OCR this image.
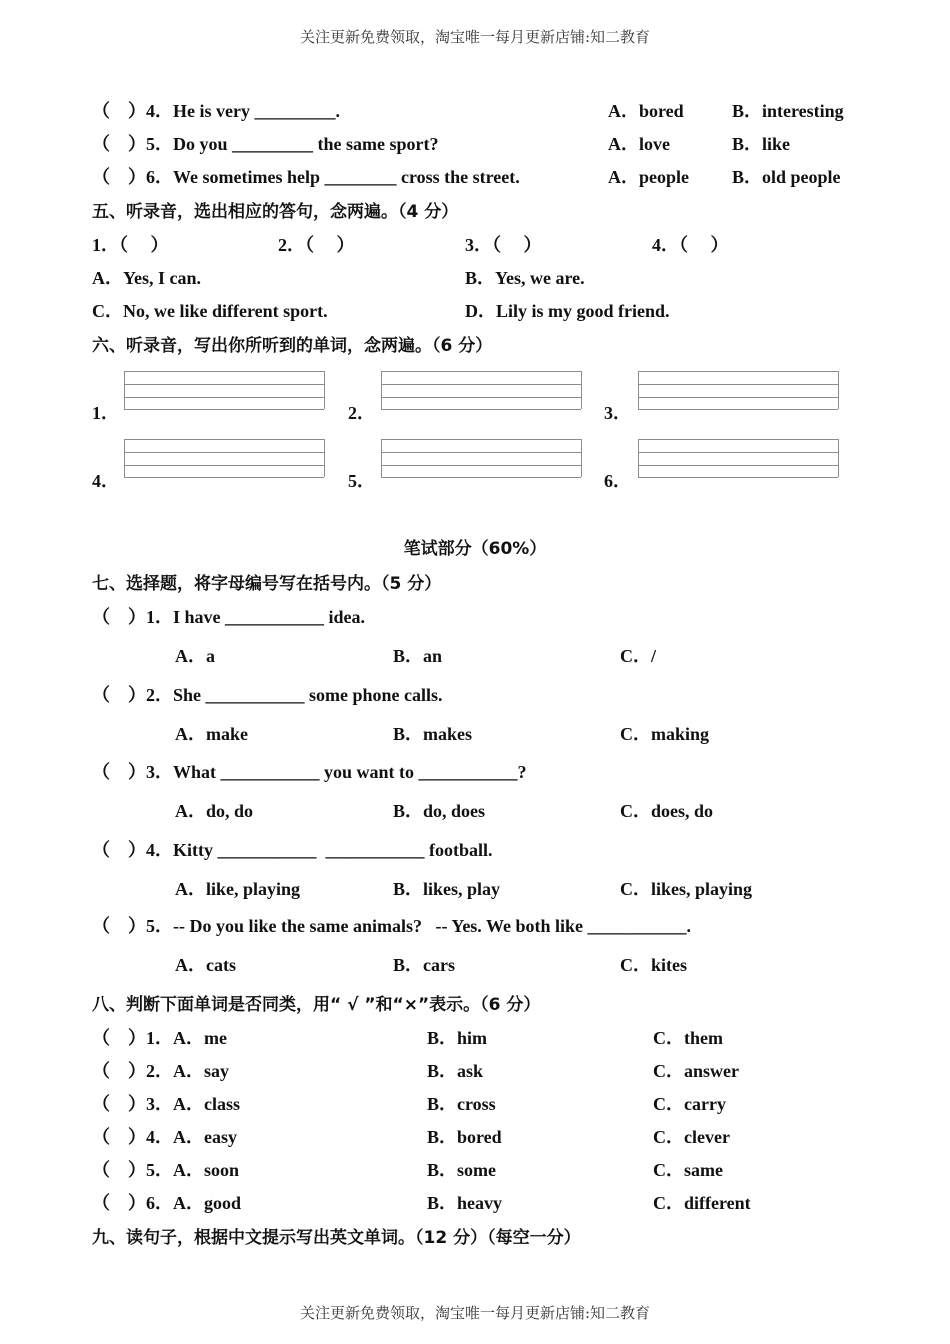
关注更新免费领取，淘宝唯一每月更新店铺:知二教育
（    ）4．He is very _________.	A．bored	B．interesting
（    ）5．Do you _________ the same sport?	A．love	B．like
（    ）6．We sometimes help ________ cross the street.	A．people B．old people
五、听录音，选出相应的答句，念两遍。（4 分）
1．（     ）	2．（     ）	3．（     ）	4．（     ）
A．Yes, I can.	B．Yes, we are.
C．No, we like different sport.	D．Lily is my good friend.
六、听录音，写出你所听到的单词，念两遍。（6 分）
1．	2．	3．
4．	5．	6．
笔试部分（60%）
七、选择题，将字母编号写在括号内。（5 分）
（    ）1．I have ___________ idea.
A．a	B．an	C．/
（    ）2．She ___________ some phone calls.
A．make	B．makes	C．making
（    ）3．What ___________ you want to ___________?
A．do, do	B．do, does	C．does, do
（    ）4．Kitty ___________  ___________ football.
A．like, playing	B．likes, play	C．likes, playing
（    ）5．-- Do you like the same animals?   -- Yes. We both like ___________.
A．cats	B．cars	C．kites
八、判断下面单词是否同类，用“ √ ”和“×”表示。（6 分）
（    ）1．A．me	B．him	C．them
（    ）2．A．say	B．ask	C．answer
（    ）3．A．class	B．cross	C．carry
（    ）4．A．easy	B．bored	C．clever
（    ）5．A．soon	B．some	C．same
（    ）6．A．good	B．heavy	C．different
九、读句子，根据中文提示写出英文单词。（12 分）（每空一分）
关注更新免费领取，淘宝唯一每月更新店铺:知二教育
